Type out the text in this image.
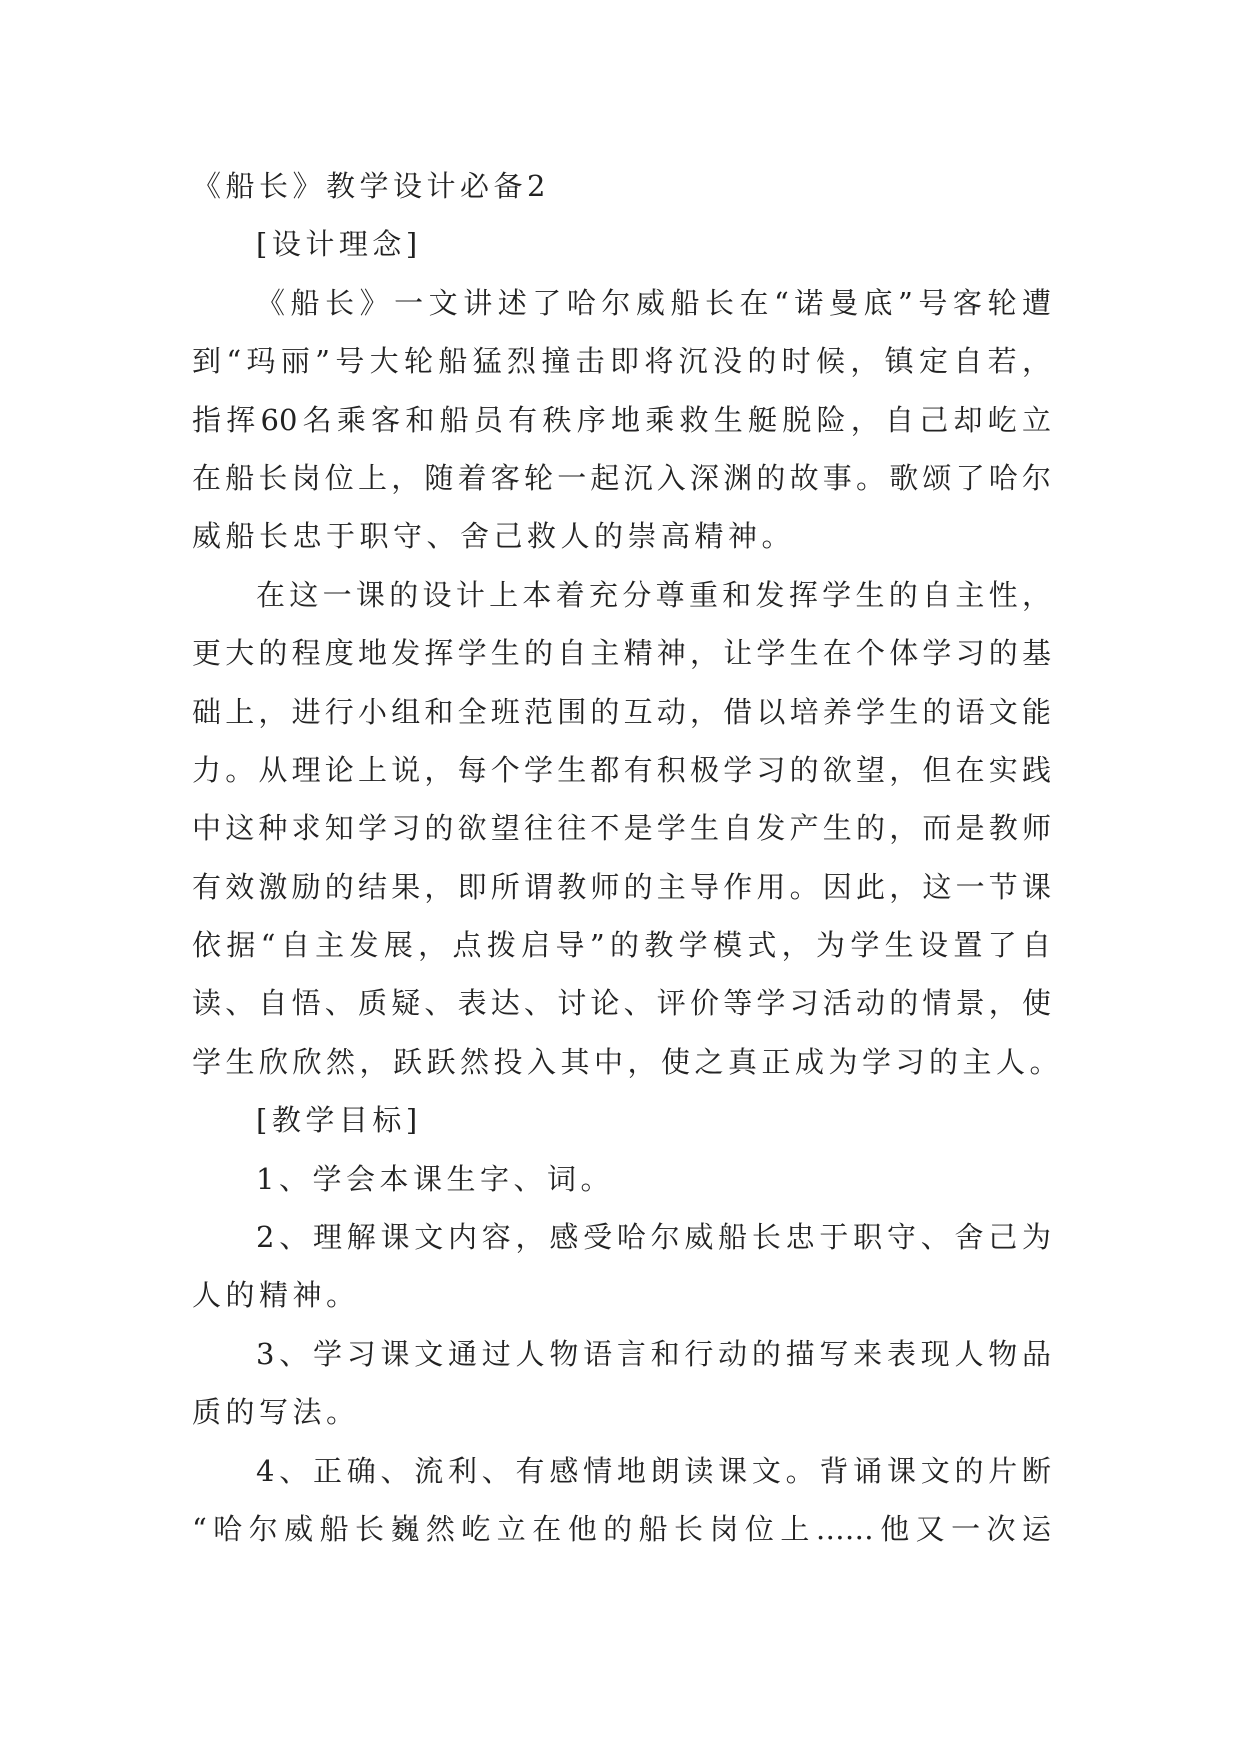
《船长》教学设计必备2
[设计理念]
《船长》一文讲述了哈尔威船长在“诺曼底”号客轮遭
到“玛丽”号大轮船猛烈撞击即将沉没的时候，镇定自若，
指挥60名乘客和船员有秩序地乘救生艇脱险，自己却屹立
在船长岗位上，随着客轮一起沉入深渊的故事。歌颂了哈尔
威船长忠于职守、舍己救人的崇高精神。
在这一课的设计上本着充分尊重和发挥学生的自主性，
更大的程度地发挥学生的自主精神，让学生在个体学习的基
础上，进行小组和全班范围的互动，借以培养学生的语文能
力。从理论上说，每个学生都有积极学习的欲望，但在实践
中这种求知学习的欲望往往不是学生自发产生的，而是教师
有效激励的结果，即所谓教师的主导作用。因此，这一节课
依据“自主发展，点拨启导”的教学模式，为学生设置了自
读、自悟、质疑、表达、讨论、评价等学习活动的情景，使
学生欣欣然，跃跃然投入其中，使之真正成为学习的主人。
[教学目标]
1、学会本课生字、词。
2、理解课文内容，感受哈尔威船长忠于职守、舍己为
人的精神。
3、学习课文通过人物语言和行动的描写来表现人物品
质的写法。
4、正确、流利、有感情地朗读课文。背诵课文的片断
“哈尔威船长巍然屹立在他的船长岗位上……他又一次运
